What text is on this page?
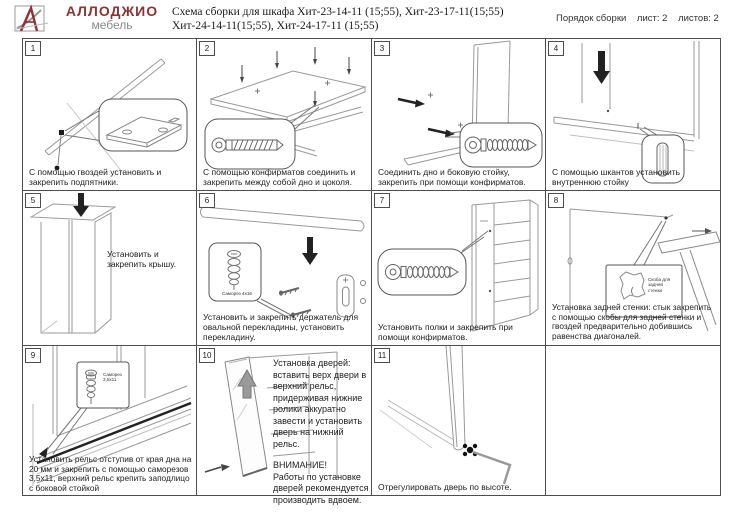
АЛЛОДЖИО
мебель
Схема сборки для шкафа Хит-23-14-11 (15;55), Хит-23-17-11(15;55)
Хит-24-14-11(15;55), Хит-24-17-11 (15;55)
Порядок сборки лист: 2 листов: 2
1
С помощью гвоздей установить и закрепить подпятники.
2
С помощью конфирматов соединить и закрепить между собой дно и цоколя.
3
Соединить дно и боковую стойку, закрепить при помощи конфирматов.
4
С помощью шкантов установить внутреннюю стойку
5
Установить и закрепить крышу.
6
Саморез 4х16
Установить и закрепить держатель для овальной перекладины, установить перекладину.
7
Установить полки и закрепить при помощи конфирматов.
8
Скоба для задней стенки
Установка задней стенки: стык закрепить с помощью скобы для задней стенки и гвоздей предварительно добившись равенства диагоналей.
9
Саморез 3,5х11
Установить рельс отступив от края дна на 20 мм и закрепить с помощью саморезов 3,5х11, верхний рельс крепить заподлицо с боковой стойкой
10
Установка дверей: вставить верх двери в верхний рельс, придерживая нижние ролики аккуратно завести и установить дверь на нижний рельс.
ВНИМАНИЕ!
Работы по установке дверей рекомендуется производить вдвоем.
11
Отрегулировать дверь по высоте.
